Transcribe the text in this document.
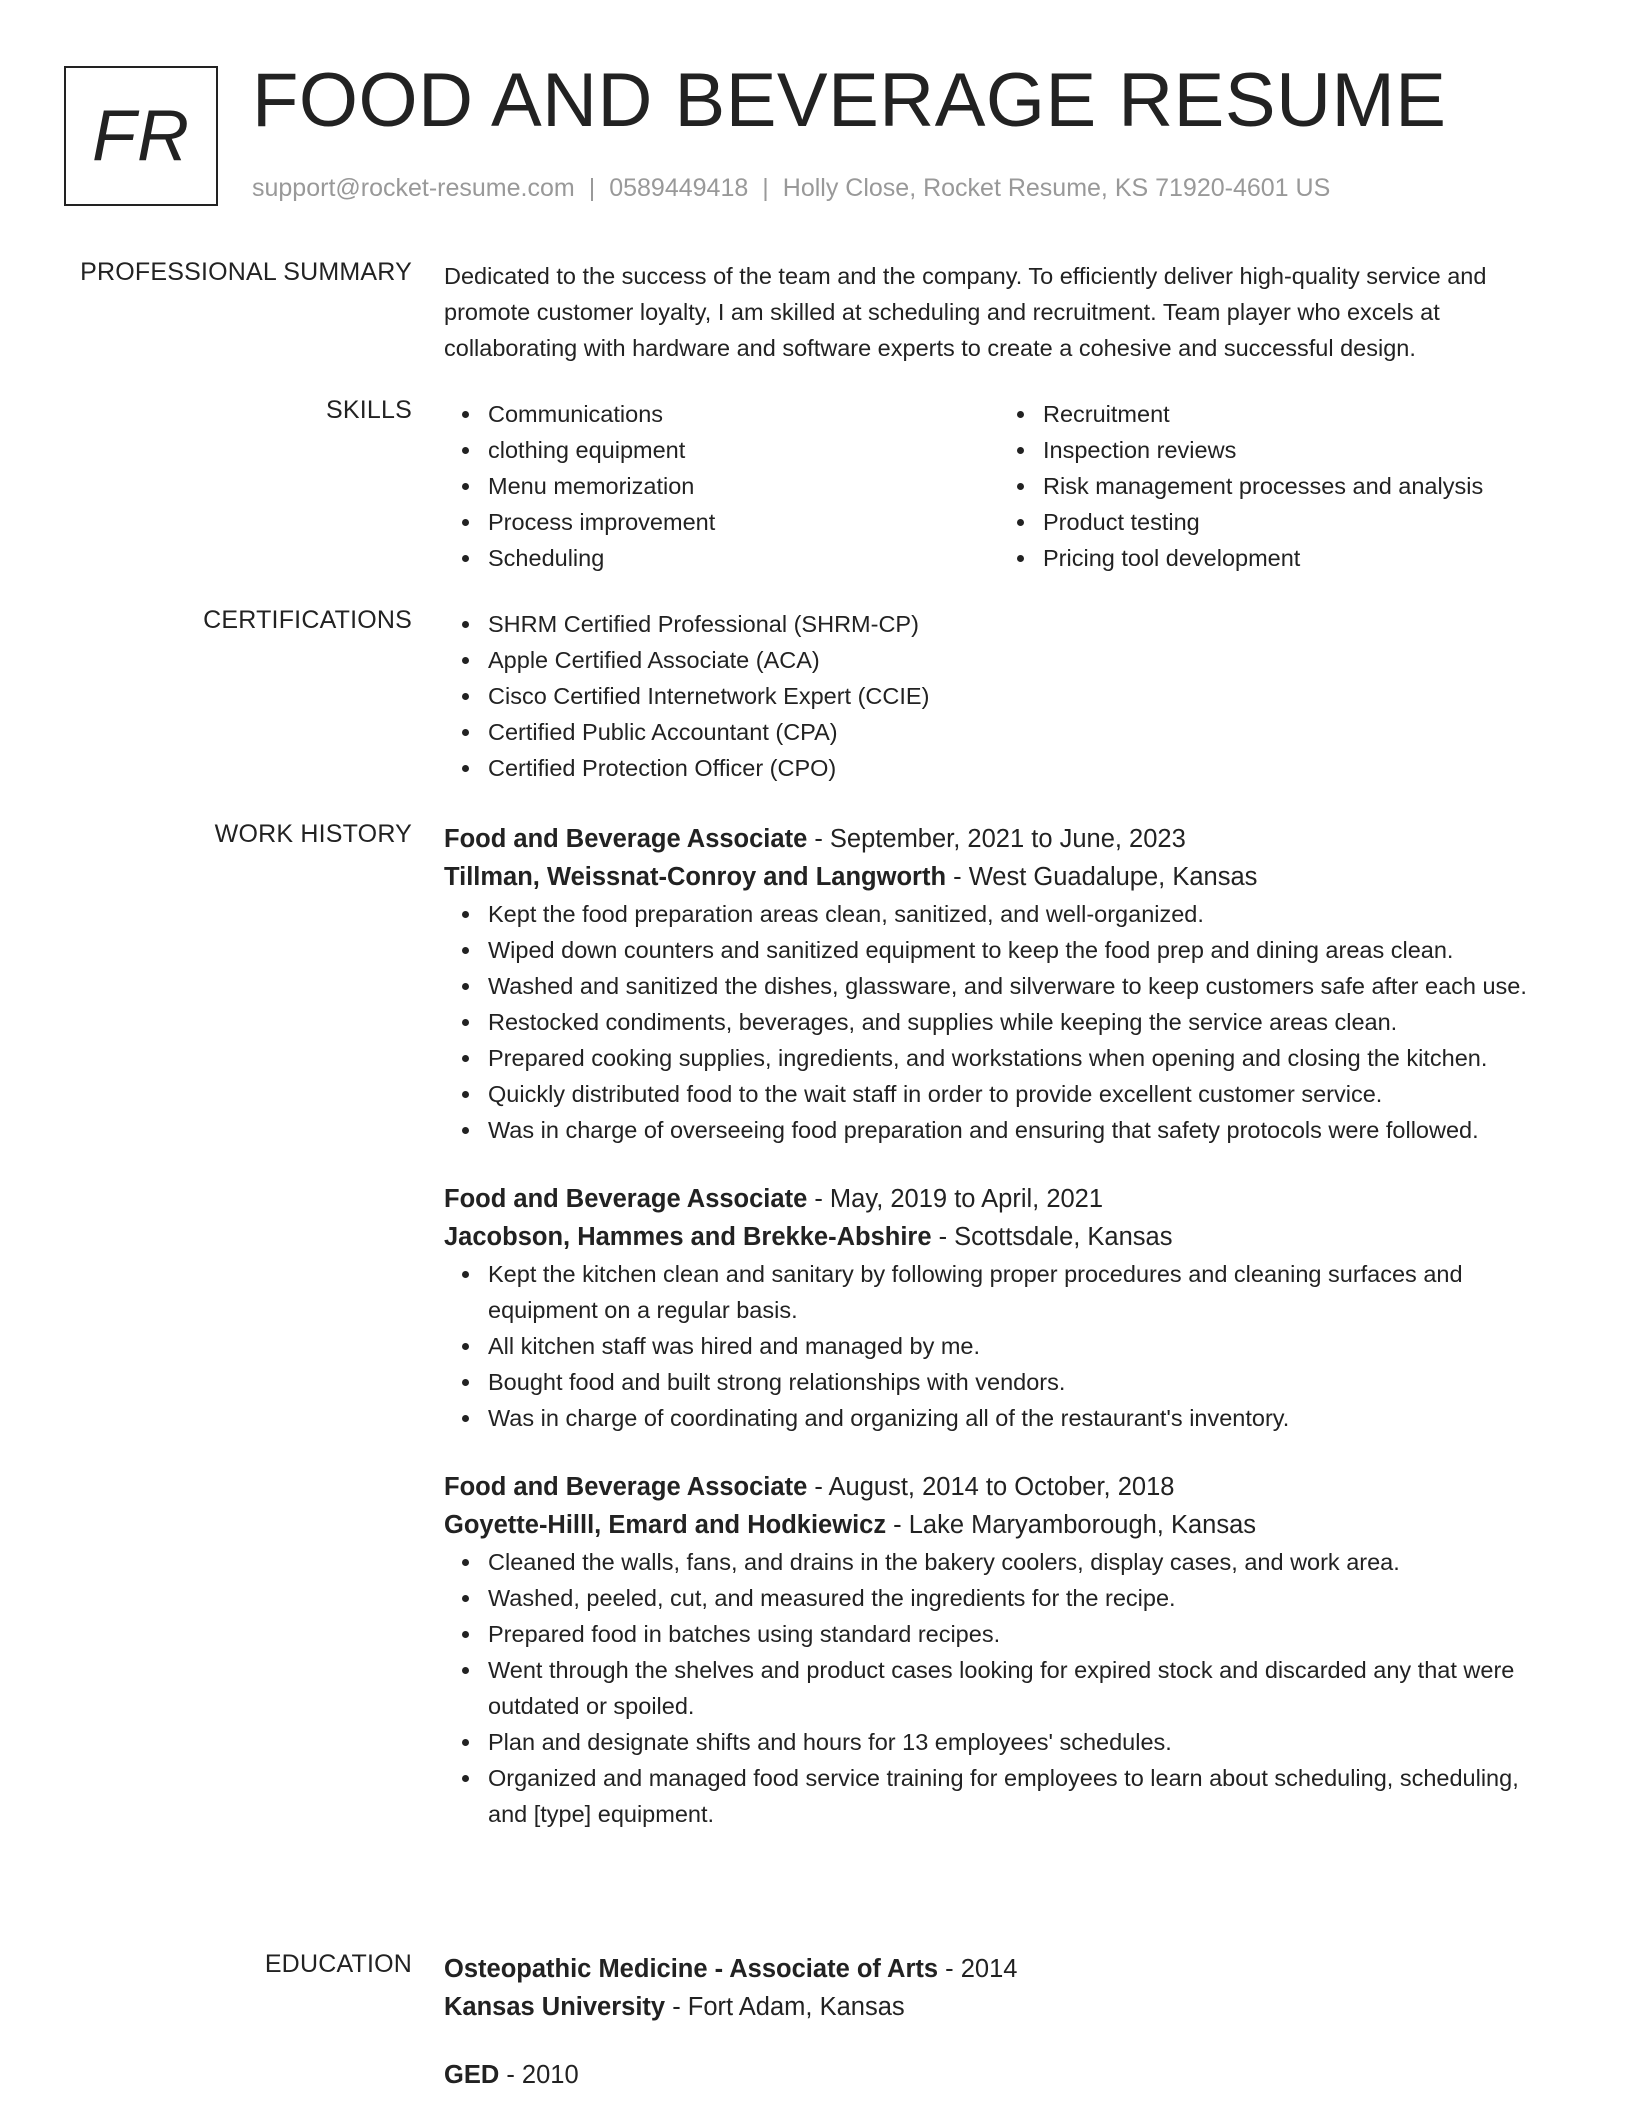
FR FOOD AND BEVERAGE RESUME
support@rocket-resume.com | 0589449418 | Holly Close, Rocket Resume, KS 71920-4601 US
PROFESSIONAL SUMMARY Dedicated to the success of the team and the company. To efficiently deliver high-quality service and promote customer loyalty, I am skilled at scheduling and recruitment. Team player who excels at collaborating with hardware and software experts to create a cohesive and successful design.
SKILLS	Communications
clothing equipment
Menu memorization
Process improvement
Scheduling
Recruitment
Inspection reviews
Risk management processes and analysis
Product testing
Pricing tool development
CERTIFICATIONS	SHRM Certified Professional (SHRM-CP)
Apple Certified Associate (ACA)
Cisco Certified Internetwork Expert (CCIE)
Certified Public Accountant (CPA)
Certified Protection Officer (CPO)
WORK HISTORY Food and Beverage Associate - September, 2021 to June, 2023
Tillman, Weissnat-Conroy and Langworth - West Guadalupe, Kansas
Kept the food preparation areas clean, sanitized, and well-organized.
Wiped down counters and sanitized equipment to keep the food prep and dining areas clean.
Washed and sanitized the dishes, glassware, and silverware to keep customers safe after each use.
Restocked condiments, beverages, and supplies while keeping the service areas clean.
Prepared cooking supplies, ingredients, and workstations when opening and closing the kitchen.
Quickly distributed food to the wait staff in order to provide excellent customer service.
Was in charge of overseeing food preparation and ensuring that safety protocols were followed.
Food and Beverage Associate - May, 2019 to April, 2021
Jacobson, Hammes and Brekke-Abshire - Scottsdale, Kansas
Kept the kitchen clean and sanitary by following proper procedures and cleaning surfaces and equipment on a regular basis.
All kitchen staff was hired and managed by me.
Bought food and built strong relationships with vendors.
Was in charge of coordinating and organizing all of the restaurant's inventory.
Food and Beverage Associate - August, 2014 to October, 2018
Goyette-Hilll, Emard and Hodkiewicz - Lake Maryamborough, Kansas
Cleaned the walls, fans, and drains in the bakery coolers, display cases, and work area.
Washed, peeled, cut, and measured the ingredients for the recipe.
Prepared food in batches using standard recipes.
Went through the shelves and product cases looking for expired stock and discarded any that were outdated or spoiled.
Plan and designate shifts and hours for 13 employees' schedules.
Organized and managed food service training for employees to learn about scheduling, scheduling, and [type] equipment.
EDUCATION Osteopathic Medicine - Associate of Arts - 2014
Kansas University - Fort Adam, Kansas
GED - 2010
